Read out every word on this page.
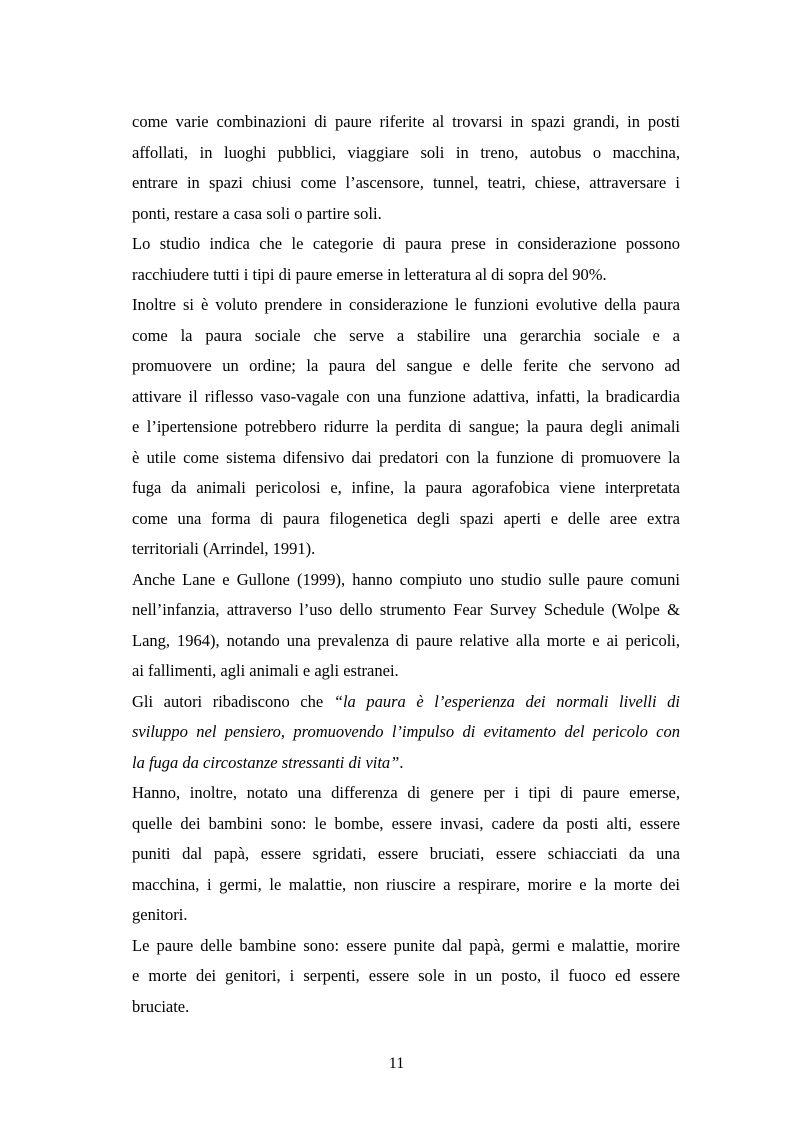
come varie combinazioni di paure riferite al trovarsi in spazi grandi, in posti
affollati, in luoghi pubblici, viaggiare soli in treno, autobus o macchina,
entrare in spazi chiusi come l’ascensore, tunnel, teatri, chiese, attraversare i
ponti, restare a casa soli o partire soli.

Lo studio indica che le categorie di paura prese in considerazione possono
racchiudere tutti i tipi di paure emerse in letteratura al di sopra del 90%.

Inoltre si è voluto prendere in considerazione le funzioni evolutive della paura
come la paura sociale che serve a stabilire una gerarchia sociale e a
promuovere un ordine; la paura del sangue e delle ferite che servono ad
attivare il riflesso vaso-vagale con una funzione adattiva, infatti, la bradicardia
e l’ipertensione potrebbero ridurre la perdita di sangue; la paura degli animali
è utile come sistema difensivo dai predatori con la funzione di promuovere la
fuga da animali pericolosi e, infine, la paura agorafobica viene interpretata
come una forma di paura filogenetica degli spazi aperti e delle aree extra
territoriali (Arrindel, 1991).

Anche Lane e Gullone (1999), hanno compiuto uno studio sulle paure comuni
nell’infanzia, attraverso l’uso dello strumento Fear Survey Schedule (Wolpe &
Lang, 1964), notando una prevalenza di paure relative alla morte e ai pericoli,
ai fallimenti, agli animali e agli estranei.

Gli autori ribadiscono che “la paura è l’esperienza dei normali livelli di
sviluppo nel pensiero, promuovendo l’impulso di evitamento del pericolo con
la fuga da circostanze stressanti di vita”.

Hanno, inoltre, notato una differenza di genere per i tipi di paure emerse,
quelle dei bambini sono: le bombe, essere invasi, cadere da posti alti, essere
puniti dal papà, essere sgridati, essere bruciati, essere schiacciati da una
macchina, i germi, le malattie, non riuscire a respirare, morire e la morte dei
genitori.

Le paure delle bambine sono: essere punite dal papà, germi e malattie, morire
e morte dei genitori, i serpenti, essere sole in un posto, il fuoco ed essere
bruciate.

11
